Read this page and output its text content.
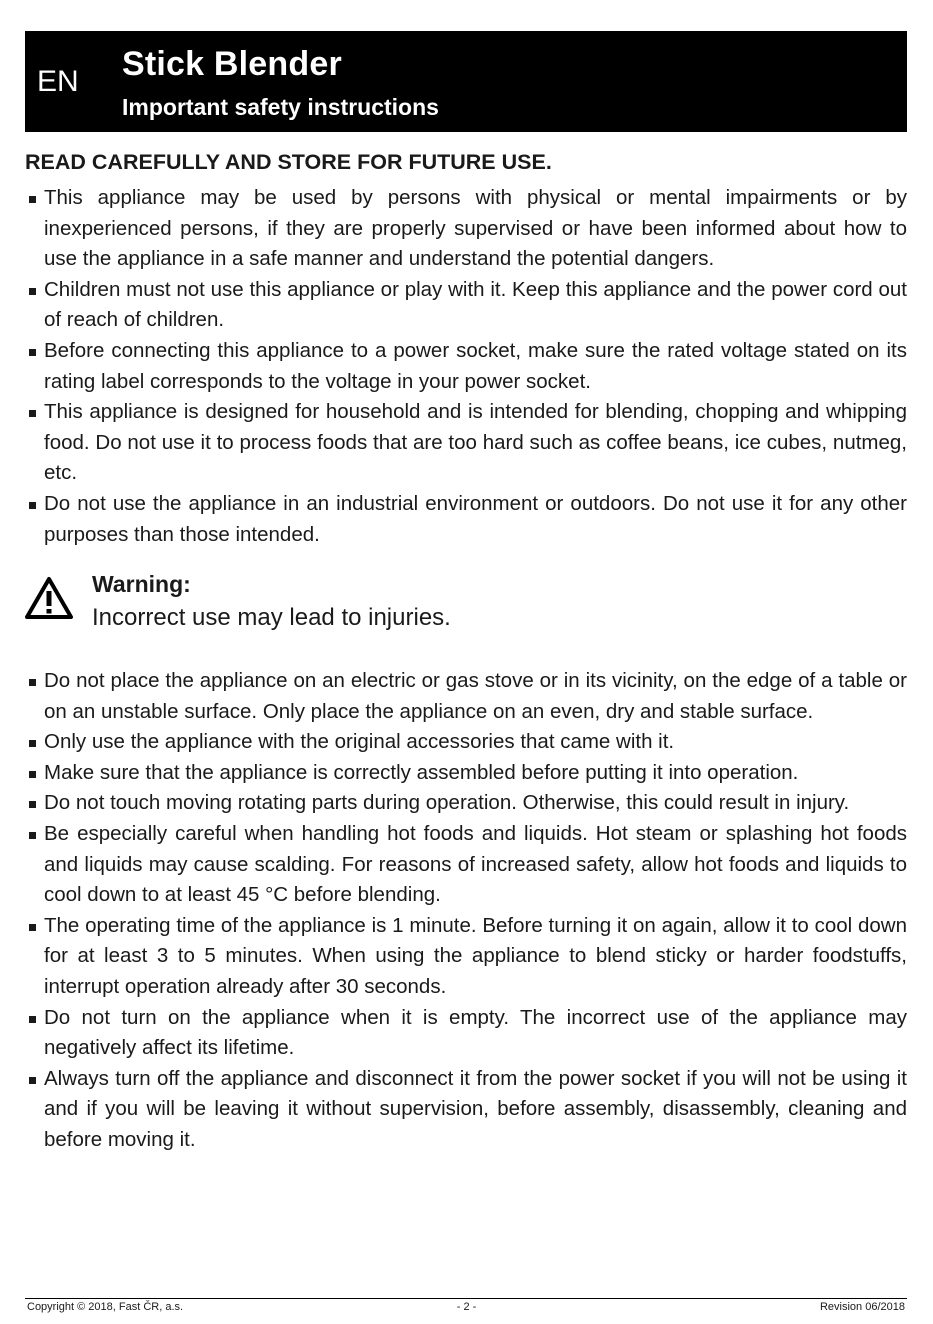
EN Stick Blender
Important safety instructions
READ CAREFULLY AND STORE FOR FUTURE USE.
This appliance may be used by persons with physical or mental impairments or by inexperienced persons, if they are properly supervised or have been informed about how to use the appliance in a safe manner and understand the potential dangers.
Children must not use this appliance or play with it. Keep this appliance and the power cord out of reach of children.
Before connecting this appliance to a power socket, make sure the rated voltage stated on its rating label corresponds to the voltage in your power socket.
This appliance is designed for household and is intended for blending, chopping and whipping food. Do not use it to process foods that are too hard such as coffee beans, ice cubes, nutmeg, etc.
Do not use the appliance in an industrial environment or outdoors. Do not use it for any other purposes than those intended.
Warning:
Incorrect use may lead to injuries.
Do not place the appliance on an electric or gas stove or in its vicinity, on the edge of a table or on an unstable surface. Only place the appliance on an even, dry and stable surface.
Only use the appliance with the original accessories that came with it.
Make sure that the appliance is correctly assembled before putting it into operation.
Do not touch moving rotating parts during operation. Otherwise, this could result in injury.
Be especially careful when handling hot foods and liquids. Hot steam or splashing hot foods and liquids may cause scalding. For reasons of increased safety, allow hot foods and liquids to cool down to at least 45 °C before blending.
The operating time of the appliance is 1 minute. Before turning it on again, allow it to cool down for at least 3 to 5 minutes. When using the appliance to blend sticky or harder foodstuffs, interrupt operation already after 30 seconds.
Do not turn on the appliance when it is empty. The incorrect use of the appliance may negatively affect its lifetime.
Always turn off the appliance and disconnect it from the power socket if you will not be using it and if you will be leaving it without supervision, before assembly, disassembly, cleaning and before moving it.
Copyright © 2018, Fast ČR, a.s.	- 2 -	Revision 06/2018
